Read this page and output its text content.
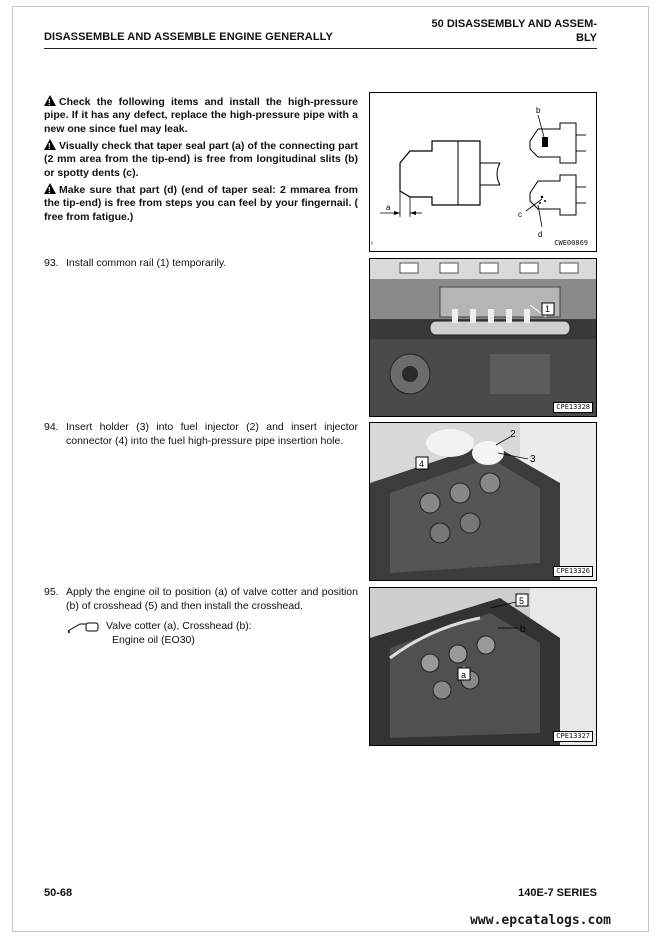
DISASSEMBLE AND ASSEMBLE ENGINE GENERALLY
50 DISASSEMBLY AND ASSEM-
BLY
!Check the following items and install the high-pressure pipe. If it has any defect, replace the high-pressure pipe with a new one since fuel may leak.
!Visually check that taper seal part (a) of the connecting part (2 mm area from the tip-end) is free from longitudinal slits (b) or spotty dents (c).
!Make sure that part (d) (end of taper seal: 2 mmarea from the tip-end) is free from steps you can feel by your fingernail. ( free from fatigue.)
a
b
c
d
CWE00869
93. Install common rail (1) temporarily.
1
CPE13328
94. Insert holder (3) into fuel injector (2) and insert injector connector (4) into the fuel high-pressure pipe insertion hole.	2
3
4
CPE13326
95. Apply the engine oil to position (a) of valve cotter and position (b) of crosshead (5) and then install the crosshead.
Valve cotter (a), Crosshead (b):
Engine oil (EO30)
5
b
a
CPE13327
50-68	140E-7 SERIES
www.epcatalogs.com
